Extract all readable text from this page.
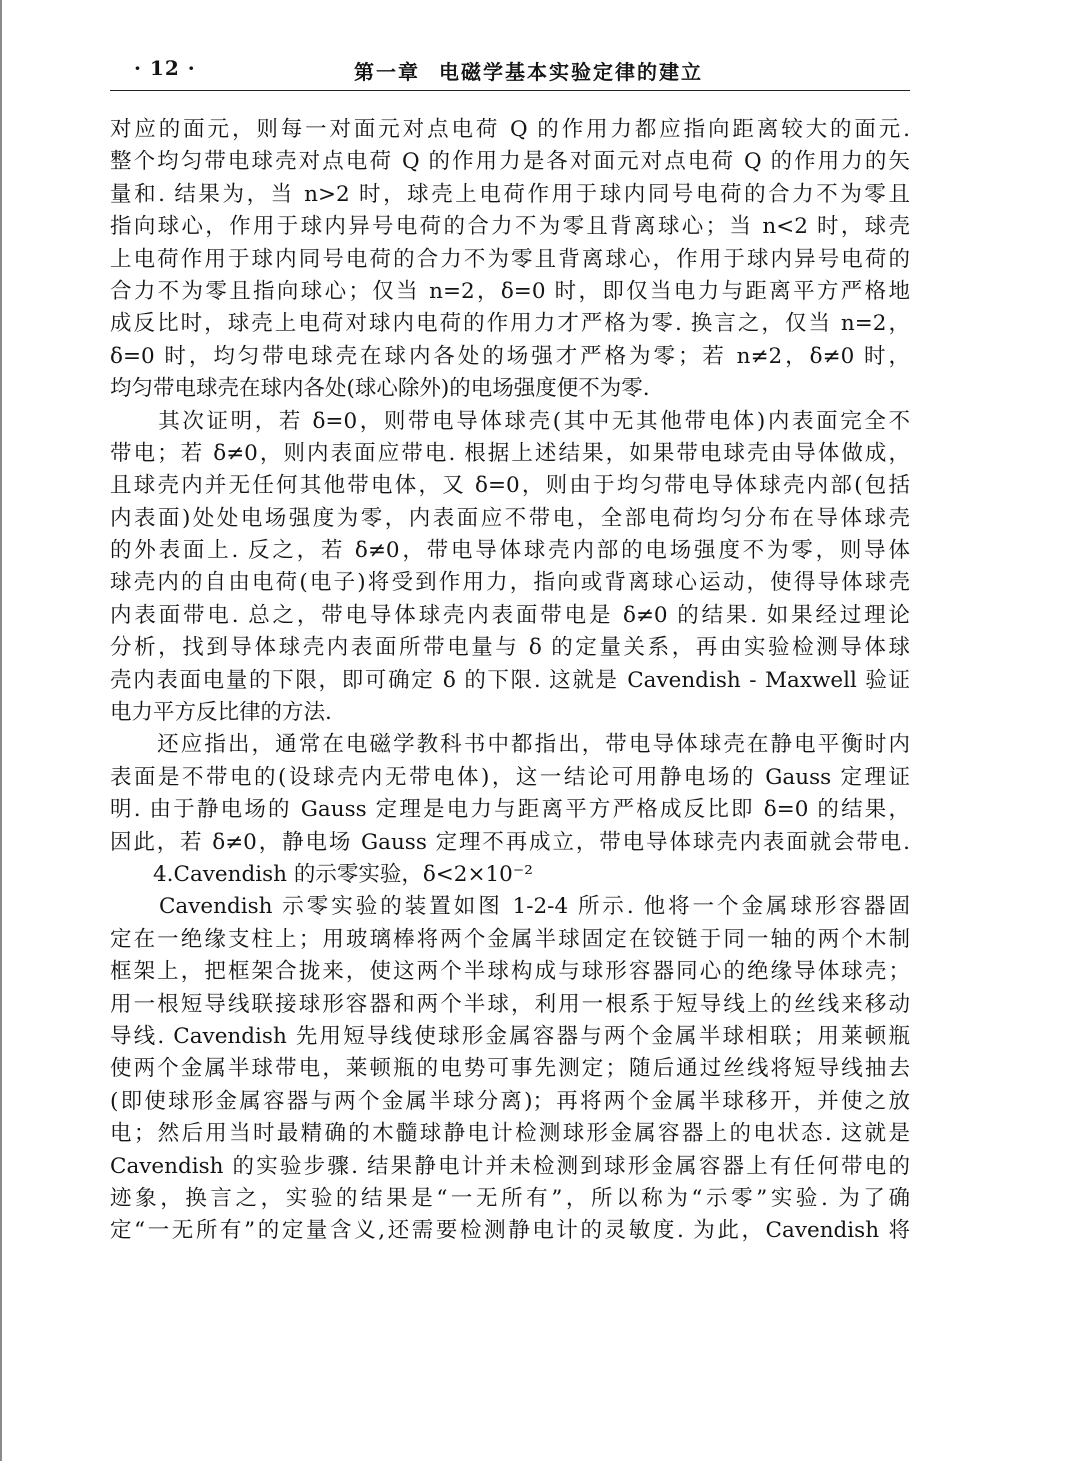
· 12 ·	第一章 电磁学基本实验定律的建立
对应的面元，则每一对面元对点电荷 Q 的作用力都应指向距离较大的面元.
整个均匀带电球壳对点电荷 Q 的作用力是各对面元对点电荷 Q 的作用力的矢
量和. 结果为，当 n>2 时，球壳上电荷作用于球内同号电荷的合力不为零且
指向球心，作用于球内异号电荷的合力不为零且背离球心；当 n<2 时，球壳
上电荷作用于球内同号电荷的合力不为零且背离球心，作用于球内异号电荷的
合力不为零且指向球心；仅当 n=2，δ=0 时，即仅当电力与距离平方严格地
成反比时，球壳上电荷对球内电荷的作用力才严格为零. 换言之，仅当 n=2，
δ=0 时，均匀带电球壳在球内各处的场强才严格为零；若 n≠2，δ≠0 时，
均匀带电球壳在球内各处(球心除外)的电场强度便不为零.
　　其次证明，若 δ=0，则带电导体球壳(其中无其他带电体)内表面完全不
带电；若 δ≠0，则内表面应带电. 根据上述结果，如果带电球壳由导体做成，
且球壳内并无任何其他带电体，又 δ=0，则由于均匀带电导体球壳内部(包括
内表面)处处电场强度为零，内表面应不带电，全部电荷均匀分布在导体球壳
的外表面上. 反之，若 δ≠0，带电导体球壳内部的电场强度不为零，则导体
球壳内的自由电荷(电子)将受到作用力，指向或背离球心运动，使得导体球壳
内表面带电. 总之，带电导体球壳内表面带电是 δ≠0 的结果. 如果经过理论
分析，找到导体球壳内表面所带电量与 δ 的定量关系，再由实验检测导体球
壳内表面电量的下限，即可确定 δ 的下限. 这就是 Cavendish - Maxwell 验证
电力平方反比律的方法.
　　还应指出，通常在电磁学教科书中都指出，带电导体球壳在静电平衡时内
表面是不带电的(设球壳内无带电体)，这一结论可用静电场的 Gauss 定理证
明. 由于静电场的 Gauss 定理是电力与距离平方严格成反比即 δ=0 的结果，
因此，若 δ≠0，静电场 Gauss 定理不再成立，带电导体球壳内表面就会带电.
　　4.Cavendish 的示零实验，δ<2×10⁻²
　　Cavendish 示零实验的装置如图 1-2-4 所示. 他将一个金属球形容器固
定在一绝缘支柱上；用玻璃棒将两个金属半球固定在铰链于同一轴的两个木制
框架上，把框架合拢来，使这两个半球构成与球形容器同心的绝缘导体球壳；
用一根短导线联接球形容器和两个半球，利用一根系于短导线上的丝线来移动
导线. Cavendish 先用短导线使球形金属容器与两个金属半球相联；用莱顿瓶
使两个金属半球带电，莱顿瓶的电势可事先测定；随后通过丝线将短导线抽去
(即使球形金属容器与两个金属半球分离)；再将两个金属半球移开，并使之放
电；然后用当时最精确的木髓球静电计检测球形金属容器上的电状态. 这就是
Cavendish 的实验步骤. 结果静电计并未检测到球形金属容器上有任何带电的
迹象，换言之，实验的结果是“一无所有”，所以称为“示零”实验. 为了确
定“一无所有”的定量含义,还需要检测静电计的灵敏度. 为此，Cavendish 将
